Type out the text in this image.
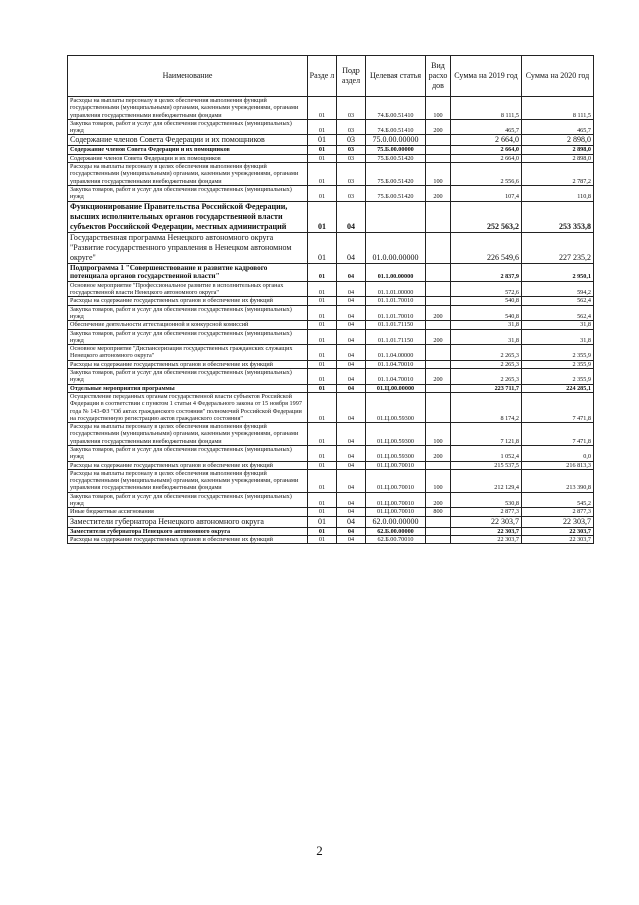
Наименование	Разде л	Подр аздел	Целевая статья	Вид расхо дов	Сумма на 2019 год	Сумма на 2020 год
Расходы на выплаты персоналу в целях обеспечения выполнения функций государственными (муниципальными) органами, казенными учреждениями, органами управления государственными внебюджетными фондами	01	03	74.Б.00.51410	100	8 111,5	8 111,5
Закупка товаров, работ и услуг для обеспечения государственных (муниципальных) нужд	01	03	74.Б.00.51410	200	465,7	465,7
Содержание членов Совета Федерации и их помощников	01	03	75.0.00.00000		2 664,0	2 898,0
Содержание членов Совета Федерации и их помощников	01	03	75.Б.00.00000		2 664,0	2 898,0
Содержание членов Совета Федерации и их помощников	01	03	75.Б.00.51420		2 664,0	2 898,0
Расходы на выплаты персоналу в целях обеспечения выполнения функций государственными (муниципальными) органами, казенными учреждениями, органами управления государственными внебюджетными фондами	01	03	75.Б.00.51420	100	2 556,6	2 787,2
Закупка товаров, работ и услуг для обеспечения государственных (муниципальных) нужд	01	03	75.Б.00.51420	200	107,4	110,8
Функционирование Правительства Российской Федерации, высших исполнительных органов государственной власти субъектов Российской Федерации, местных администраций	01	04			252 563,2	253 353,8
Государственная программа Ненецкого автономного округа "Развитие государственного управления в Ненецком автономном округе"	01	04	01.0.00.00000		226 549,6	227 235,2
Подпрограмма 1 "Совершенствование и развитие кадрового потенциала органов государственной власти"	01	04	01.1.00.00000		2 837,9	2 950,1
Основное мероприятие "Профессиональное развитие в исполнительных органах государственной власти Ненецкого автономного округа"	01	04	01.1.01.00000		572,6	594,2
Расходы на содержание государственных органов и обеспечение их функций	01	04	01.1.01.70010		540,8	562,4
Закупка товаров, работ и услуг для обеспечения государственных (муниципальных) нужд	01	04	01.1.01.70010	200	540,8	562,4
Обеспечение деятельности аттестационной и конкурсной комиссий	01	04	01.1.01.71150		31,8	31,8
Закупка товаров, работ и услуг для обеспечения государственных (муниципальных) нужд	01	04	01.1.01.71150	200	31,8	31,8
Основное мероприятие "Диспансеризация государственных гражданских служащих Ненецкого автономного округа"	01	04	01.1.04.00000		2 265,3	2 355,9
Расходы на содержание государственных органов и обеспечение их функций	01	04	01.1.04.70010		2 265,3	2 355,9
Закупка товаров, работ и услуг для обеспечения государственных (муниципальных) нужд	01	04	01.1.04.70010	200	2 265,3	2 355,9
Отдельные мероприятия программы	01	04	01.Ц.00.00000		223 711,7	224 285,1
Осуществление переданных органам государственной власти субъектов Российской Федерации в соответствии с пунктом 1 статьи 4 Федерального закона от 15 ноября 1997 года № 143-ФЗ "Об актах гражданского состояния" полномочий Российской Федерации на государственную регистрацию актов гражданского состояния"	01	04	01.Ц.00.59300		8 174,2	7 471,8
Расходы на выплаты персоналу в целях обеспечения выполнения функций государственными (муниципальными) органами, казенными учреждениями, органами управления государственными внебюджетными фондами	01	04	01.Ц.00.59300	100	7 121,8	7 471,8
Закупка товаров, работ и услуг для обеспечения государственных (муниципальных) нужд	01	04	01.Ц.00.59300	200	1 052,4	0,0
Расходы на содержание государственных органов и обеспечение их функций	01	04	01.Ц.00.70010		215 537,5	216 813,3
Расходы на выплаты персоналу в целях обеспечения выполнения функций государственными (муниципальными) органами, казенными учреждениями, органами управления государственными внебюджетными фондами	01	04	01.Ц.00.70010	100	212 129,4	213 390,8
Закупка товаров, работ и услуг для обеспечения государственных (муниципальных) нужд	01	04	01.Ц.00.70010	200	530,8	545,2
Иные бюджетные ассигнования	01	04	01.Ц.00.70010	800	2 877,3	2 877,3
Заместители губернатора Ненецкого автономного округа	01	04	62.0.00.00000		22 303,7	22 303,7
Заместители губернатора Ненецкого автономного округа	01	04	62.Б.00.00000		22 303,7	22 303,7
Расходы на содержание государственных органов и обеспечение их функций	01	04	62.Б.00.70010		22 303,7	22 303,7
2
